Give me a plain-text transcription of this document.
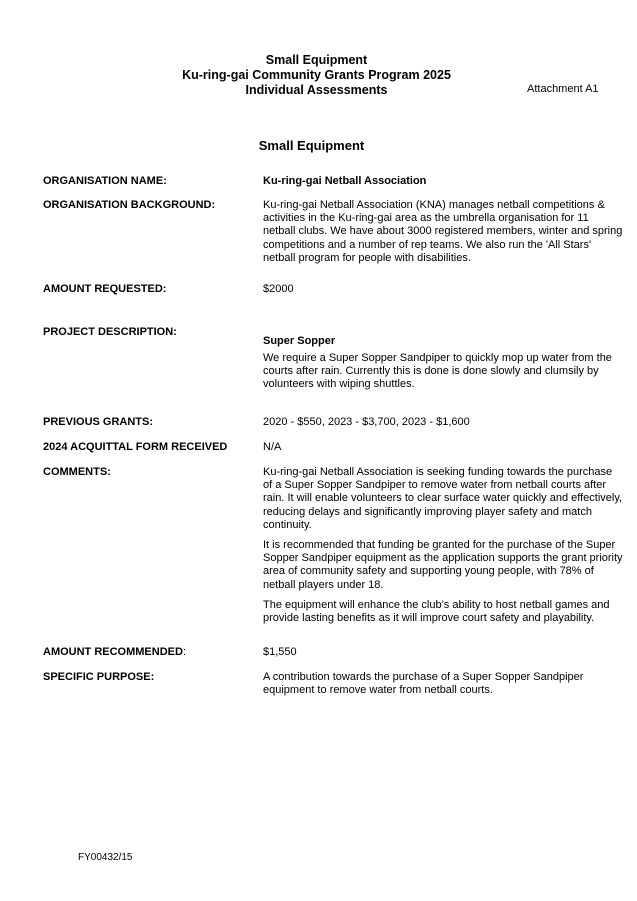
Small Equipment
Ku-ring-gai Community Grants Program 2025
Individual Assessments	Attachment A1
Small Equipment
ORGANISATION NAME:	Ku-ring-gai Netball Association
ORGANISATION BACKGROUND:	Ku-ring-gai Netball Association (KNA) manages netball competitions & activities in the Ku-ring-gai area as the umbrella organisation for 11 netball clubs. We have about 3000 registered members, winter and spring competitions and a number of rep teams. We also run the 'All Stars' netball program for people with disabilities.
AMOUNT REQUESTED:	$2000
PROJECT DESCRIPTION:
Super Sopper
We require a Super Sopper Sandpiper to quickly mop up water from the courts after rain. Currently this is done is done slowly and clumsily by volunteers with wiping shuttles.
PREVIOUS GRANTS:	2020 - $550, 2023 - $3,700, 2023 - $1,600
2024 ACQUITTAL FORM RECEIVED	N/A
COMMENTS:	Ku-ring-gai Netball Association is seeking funding towards the purchase of a Super Sopper Sandpiper to remove water from netball courts after rain. It will enable volunteers to clear surface water quickly and effectively, reducing delays and significantly improving player safety and match continuity.

It is recommended that funding be granted for the purchase of the Super Sopper Sandpiper equipment as the application supports the grant priority area of community safety and supporting young people, with 78% of netball players under 18.

The equipment will enhance the club’s ability to host netball games and provide lasting benefits as it will improve court safety and playability.

AMOUNT RECOMMENDED:	$1,550
SPECIFIC PURPOSE:	A contribution towards the purchase of a Super Sopper Sandpiper equipment to remove water from netball courts.
FY00432/15
